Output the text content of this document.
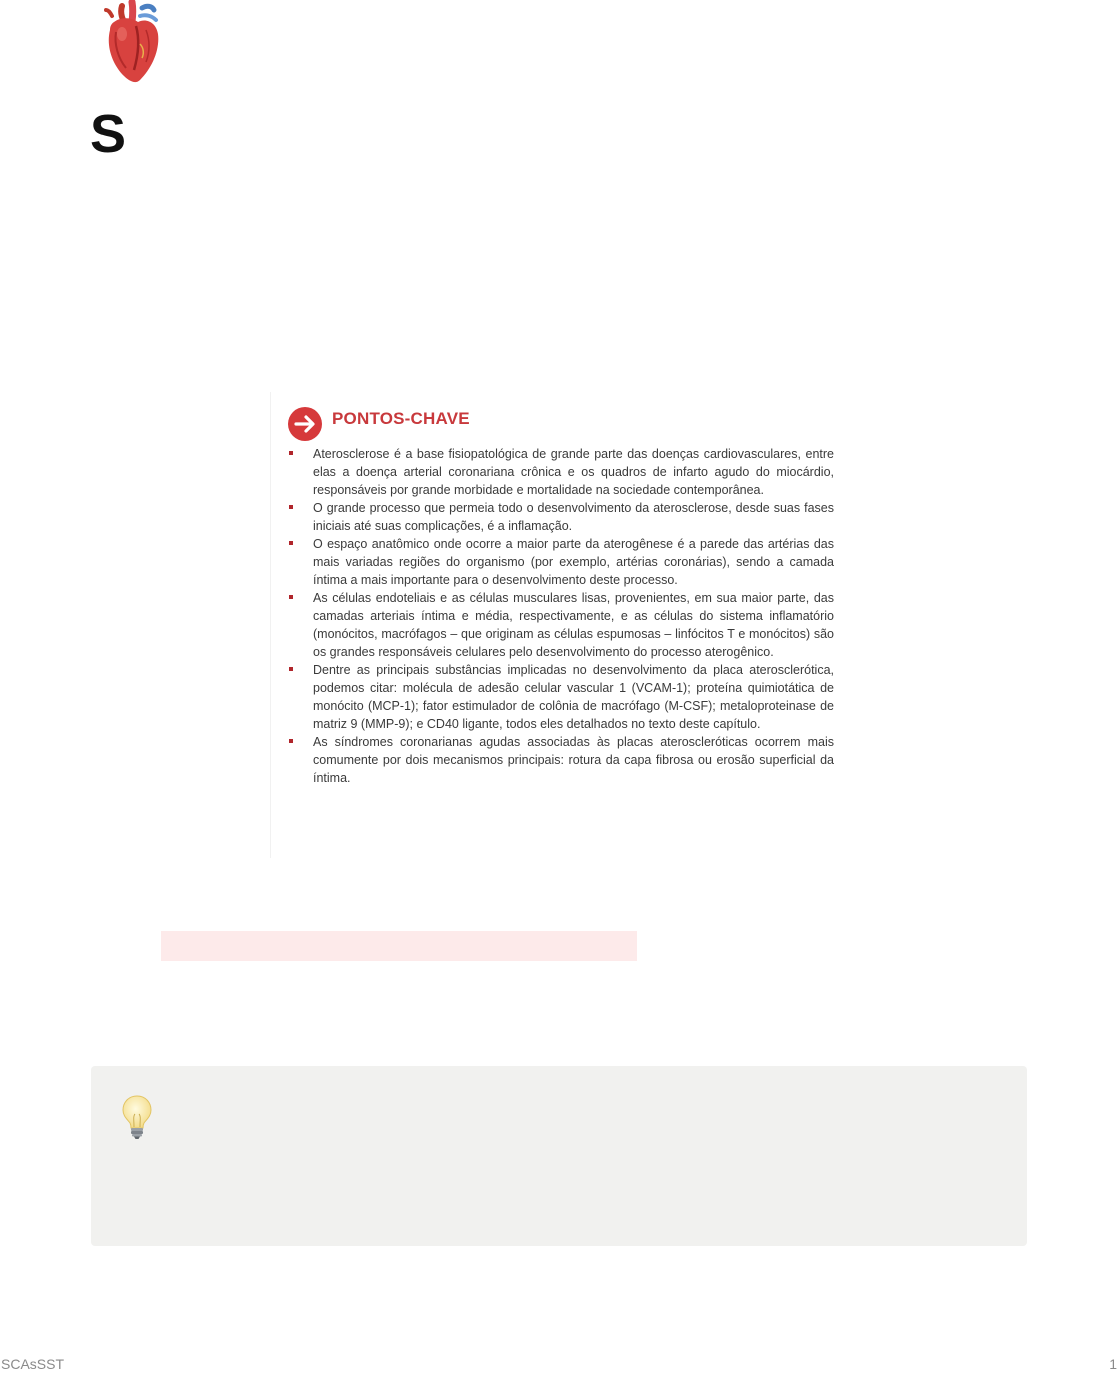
S
PONTOS-CHAVE
Aterosclerose é a base fisiopatológica de grande parte das doenças cardiovasculares, entre elas a doença arterial coronariana crônica e os quadros de infarto agudo do miocárdio, responsáveis por grande morbidade e mortalidade na sociedade contemporânea.
O grande processo que permeia todo o desenvolvimento da aterosclerose, desde suas fases iniciais até suas complicações, é a inflamação.
O espaço anatômico onde ocorre a maior parte da aterogênese é a parede das artérias das mais variadas regiões do organismo (por exemplo, artérias coronárias), sendo a camada íntima a mais importante para o desenvolvimento deste processo.
As células endoteliais e as células musculares lisas, provenientes, em sua maior parte, das camadas arteriais íntima e média, respectivamente, e as células do sistema inflamatório (monócitos, macrófagos – que originam as células espumosas – linfócitos T e monócitos) são os grandes responsáveis celulares pelo desenvolvimento do processo aterogênico.
Dentre as principais substâncias implicadas no desenvolvimento da placa aterosclerótica, podemos citar: molécula de adesão celular vascular 1 (VCAM-1); proteína quimiotática de monócito (MCP-1); fator estimulador de colônia de macrófago (M-CSF); metaloproteinase de matriz 9 (MMP-9); e CD40 ligante, todos eles detalhados no texto deste capítulo.
As síndromes coronarianas agudas associadas às placas ateroscleróticas ocorrem mais comumente por dois mecanismos principais: rotura da capa fibrosa ou erosão superficial da íntima.
SCAsSST	1
